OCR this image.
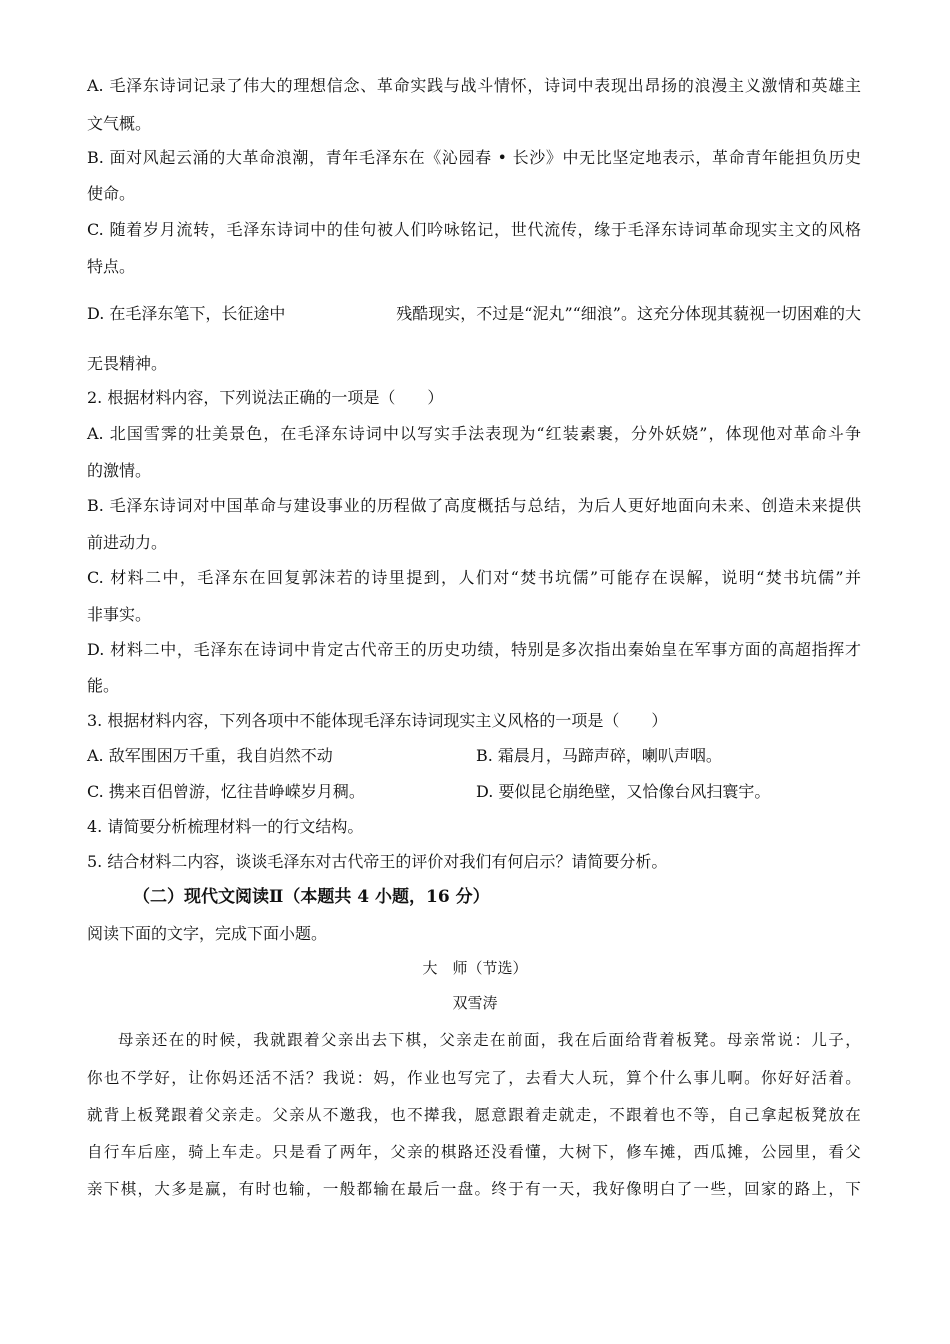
A. 毛泽东诗词记录了伟大的理想信念、革命实践与战斗情怀，诗词中表现出昂扬的浪漫主义激情和英雄主
文气概。
B. 面对风起云涌的大革命浪潮，青年毛泽东在《沁园春 • 长沙》中无比坚定地表示，革命青年能担负历史
使命。
C. 随着岁月流转，毛泽东诗词中的佳句被人们吟咏铭记，世代流传，缘于毛泽东诗词革命现实主文的风格
特点。
D. 在毛泽东笔下，长征途中	残酷现实，不过是“泥丸”“细浪”。这充分体现其藐视一切困难的大
无畏精神。
2. 根据材料内容，下列说法正确的一项是（　　）
A. 北国雪霁的壮美景色，在毛泽东诗词中以写实手法表现为“红装素裹，分外妖娆”，体现他对革命斗争
的激情。
B. 毛泽东诗词对中国革命与建设事业的历程做了高度概括与总结，为后人更好地面向未来、创造未来提供
前进动力。
C. 材料二中，毛泽东在回复郭沫若的诗里提到，人们对“焚书坑儒”可能存在误解，说明“焚书坑儒”并
非事实。
D. 材料二中，毛泽东在诗词中肯定古代帝王的历史功绩，特别是多次指出秦始皇在军事方面的高超指挥才
能。
3. 根据材料内容，下列各项中不能体现毛泽东诗词现实主义风格的一项是（　　）
A. 敌军围困万千重，我自岿然不动	B. 霜晨月，马蹄声碎，喇叭声咽。
C. 携来百侣曾游，忆往昔峥嵘岁月稠。	D. 要似昆仑崩绝壁，又恰像台风扫寰宇。
4. 请简要分析梳理材料一的行文结构。
5. 结合材料二内容，谈谈毛泽东对古代帝王的评价对我们有何启示？请简要分析。
（二）现代文阅读Ⅱ（本题共 4 小题，16 分）
阅读下面的文字，完成下面小题。
大　师（节选）
双雪涛
母亲还在的时候，我就跟着父亲出去下棋，父亲走在前面，我在后面给背着板凳。母亲常说：儿子，
你也不学好，让你妈还活不活？我说：妈，作业也写完了，去看大人玩，算个什么事儿啊。你好好活着。
就背上板凳跟着父亲走。父亲从不邀我，也不撵我，愿意跟着走就走，不跟着也不等，自己拿起板凳放在
自行车后座，骑上车走。只是看了两年，父亲的棋路还没看懂，大树下，修车摊，西瓜摊，公园里，看父
亲下棋，大多是赢，有时也输，一般都输在最后一盘。终于有一天，我好像明白了一些，回家的路上，下
